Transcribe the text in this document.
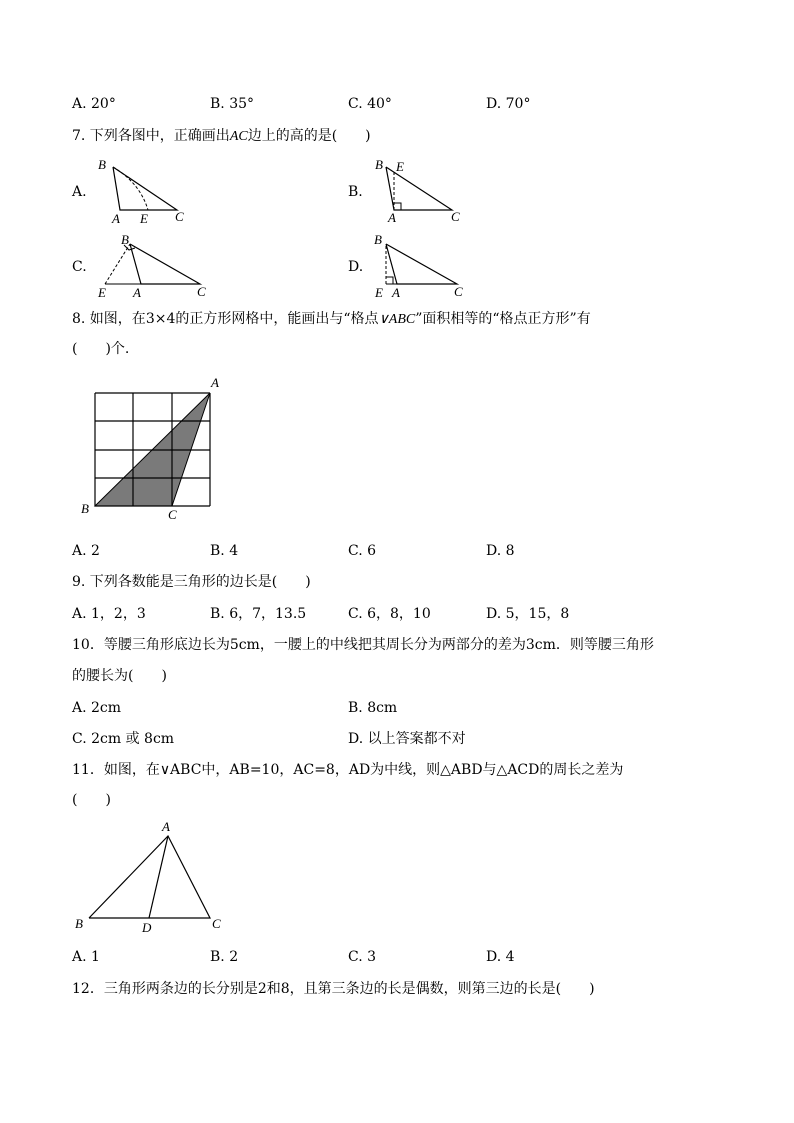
A. 20°	B. 35°	C. 40°	D. 70°
7. 下列各图中，正确画出AC边上的高的是(　　)
A.
B
A E C
B.
B E
A	C
C.
B
E A	C
D.
B
E A	C
8. 如图，在3×4的正方形网格中，能画出与“格点∨ABC”面积相等的“格点正方形”有
(　　)个.
A
B	C
A. 2	B. 4	C. 6	D. 8
9. 下列各数能是三角形的边长是(　　)
A. 1，2，3	B. 6，7，13.5	C. 6，8，10	D. 5，15，8
10．等腰三角形底边长为5cm，一腰上的中线把其周长分为两部分的差为3cm．则等腰三角形
的腰长为(　　)
A. 2cm	B. 8cm
C. 2cm 或 8cm	D. 以上答案都不对
11．如图，在∨ABC中，AB=10，AC=8，AD为中线，则△ABD与△ACD的周长之差为
(　　)
A
B	D	C
A. 1	B. 2	C. 3	D. 4
12．三角形两条边的长分别是2和8，且第三条边的长是偶数，则第三边的长是(　　)
